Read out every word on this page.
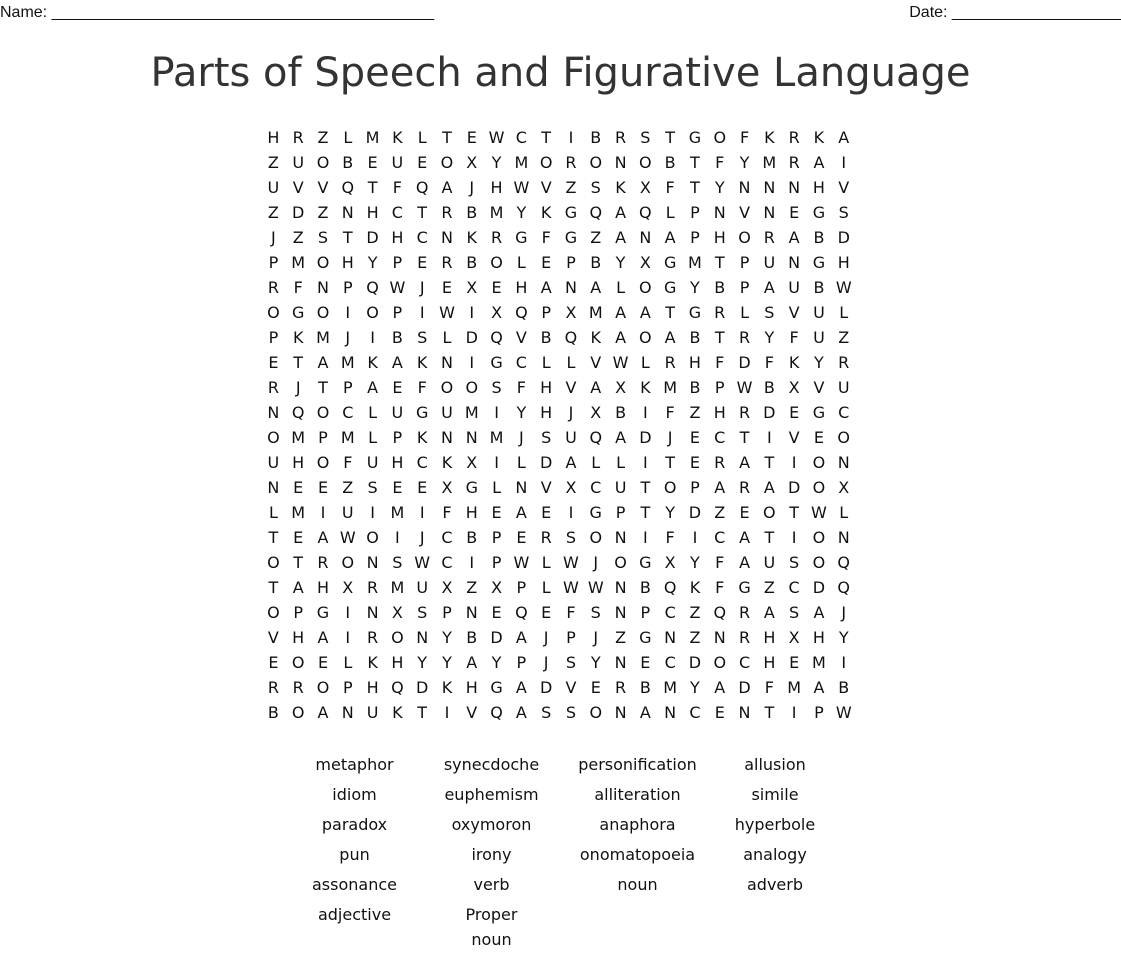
Name: ___________________________________________	Date: ___________________
Parts of Speech and Figurative Language
H R Z L M K L T E W C T	I	B R S T G O F K R K A
Z U O B E U E O X Y M O R O N O B T F Y M R A	I
U V V Q T F Q A	J	H W V Z S K X F T Y N N N H V
Z D Z N H C T R B M Y K G Q A Q L P N V N E G S
J	Z S T D H C N K R G F G Z A N A P H O R A B D
P M O H Y P E R B O L E P B Y X G M T P U N G H
R F N P Q W J	E X E H A N A L O G Y B P A U B W
O G O	I	O P	I W I	X Q P X M A A T G R L S V U L
P K M J	I	B S L D Q V B Q K A O A B T R Y F U Z
E T A M K A K N	I	G C L L V W L R H F D F K Y R
R	J	T P A E F O O S F H V A X K M B P W B X V U
N Q O C L U G U M I	Y H	J	X B	I	F Z H R D E G C
O M P M L P K N N M J	S U Q A D	J	E C T	I	V E O
U H O F U H C K X	I	L D A L L	I	T E R A T	I	O N
N E E Z S E E X G L N V X C U T O P A R A D O X
L M I	U	I M I	F H E A E	I	G P T Y D Z E O T W L
T E A W O	I	J	C B P E R S O N	I	F	I	C A T	I	O N
O T R O N S W C	I	P W L W J	O G X Y F A U S O Q
T A H X R M U X Z X P L W W N B Q K F G Z C D Q
O P G	I	N X S P N E Q E F S N P C Z Q R A S A	J
V H A	I	R O N Y B D A	J	P	J	Z G N Z N R H X H Y
E O E L K H Y Y A Y P	J	S Y N E C D O C H E M I
R R O P H Q D K H G A D V E R B M Y A D F M A B
B O A N U K T	I	V Q A S S O N A N C E N T	I	P W
metaphor	synecdoche	personification	allusion
idiom	euphemism	alliteration	simile
paradox	oxymoron	anaphora	hyperbole
pun	irony	onomatopoeia	analogy
assonance	verb	noun	adverb
adjective	Proper
noun
